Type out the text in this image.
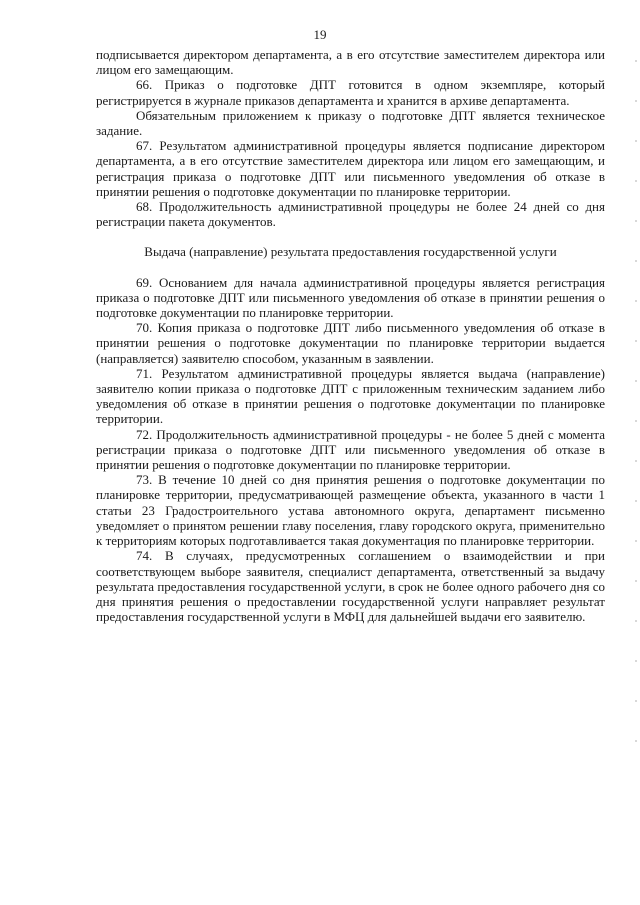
19

подписывается директором департамента, а в его отсутствие заместителем директора или лицом его замещающим.

66. Приказ о подготовке ДПТ готовится в одном экземпляре, который регистрируется в журнале приказов департамента и хранится в архиве департамента.

Обязательным приложением к приказу о подготовке ДПТ является техническое задание.

67. Результатом административной процедуры является подписание директором департамента, а в его отсутствие заместителем директора или лицом его замещающим, и регистрация приказа о подготовке ДПТ или письменного уведомления об отказе в принятии решения о подготовке документации по планировке территории.

68. Продолжительность административной процедуры не более 24 дней со дня регистрации пакета документов.

Выдача (направление) результата предоставления государственной услуги

69. Основанием для начала административной процедуры является регистрация приказа о подготовке ДПТ или письменного уведомления об отказе в принятии решения о подготовке документации по планировке территории.

70. Копия приказа о подготовке ДПТ либо письменного уведомления об отказе в принятии решения о подготовке документации по планировке территории выдается (направляется) заявителю способом, указанным в заявлении.

71. Результатом административной процедуры является выдача (направление) заявителю копии приказа о подготовке ДПТ с приложенным техническим заданием либо уведомления об отказе в принятии решения о подготовке документации по планировке территории.

72. Продолжительность административной процедуры - не более 5 дней с момента регистрации приказа о подготовке ДПТ или письменного уведомления об отказе в принятии решения о подготовке документации по планировке территории.

73. В течение 10 дней со дня принятия решения о подготовке документации по планировке территории, предусматривающей размещение объекта, указанного в части 1 статьи 23 Градостроительного устава автономного округа, департамент письменно уведомляет о принятом решении главу поселения, главу городского округа, применительно к территориям которых подготавливается такая документация по планировке территории.

74. В случаях, предусмотренных соглашением о взаимодействии и при соответствующем выборе заявителя, специалист департамента, ответственный за выдачу результата предоставления государственной услуги, в срок не более одного рабочего дня со дня принятия решения о предоставлении государственной услуги направляет результат предоставления государственной услуги в МФЦ для дальнейшей выдачи его заявителю.
